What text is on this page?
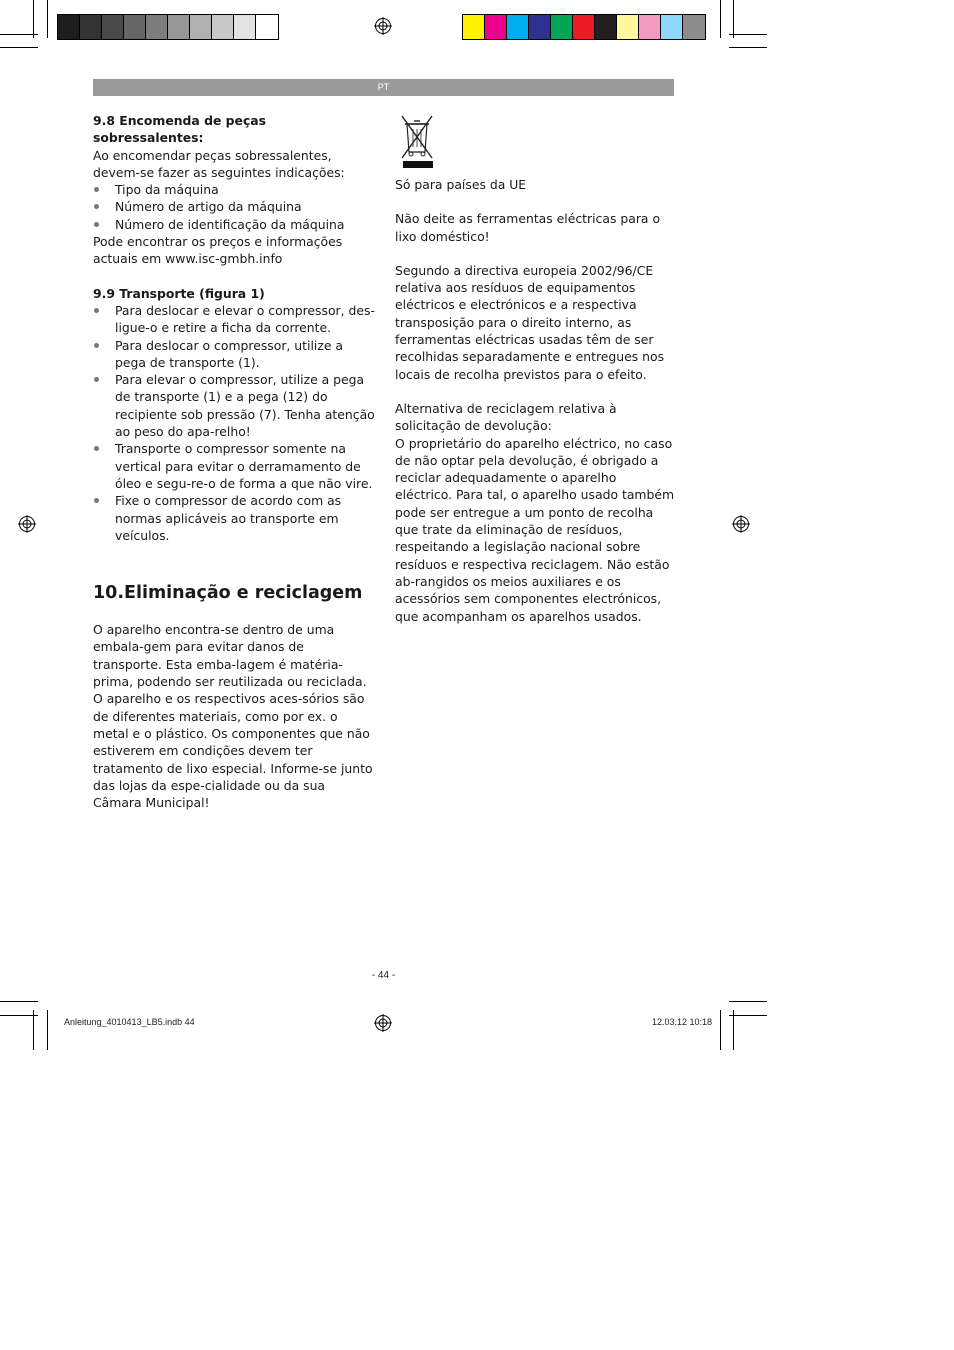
PT

9.8 Encomenda de peças sobressalentes:

Ao encomendar peças sobressalentes, devem-se fazer as seguintes indicações:

Tipo da máquina
Número de artigo da máquina
Número de identificação da máquina

Pode encontrar os preços e informações actuais em www.isc-gmbh.info

9.9 Transporte (figura 1)

Para deslocar e elevar o compressor, des-ligue-o e retire a ficha da corrente.
Para deslocar o compressor, utilize a pega de transporte (1).
Para elevar o compressor, utilize a pega de transporte (1) e a pega (12) do recipiente sob pressão (7). Tenha atenção ao peso do apa-relho!
Transporte o compressor somente na vertical para evitar o derramamento de óleo e segu-re-o de forma a que não vire.
Fixe o compressor de acordo com as normas aplicáveis ao transporte em veículos.

10.Eliminação e reciclagem

O aparelho encontra-se dentro de uma embala-gem para evitar danos de transporte. Esta emba-lagem é matéria-prima, podendo ser reutilizada ou reciclada. O aparelho e os respectivos aces-sórios são de diferentes materiais, como por ex. o metal e o plástico. Os componentes que não estiverem em condições devem ter tratamento de lixo especial. Informe-se junto das lojas da espe-cialidade ou da sua Câmara Municipal!

Só para países da UE

Não deite as ferramentas eléctricas para o lixo doméstico!

Segundo a directiva europeia 2002/96/CE relativa aos resíduos de equipamentos eléctricos e electrónicos e a respectiva transposição para o direito interno, as ferramentas eléctricas usadas têm de ser recolhidas separadamente e entregues nos locais de recolha previstos para o efeito.

Alternativa de reciclagem relativa à solicitação de devolução:

O proprietário do aparelho eléctrico, no caso de não optar pela devolução, é obrigado a reciclar adequadamente o aparelho eléctrico. Para tal, o aparelho usado também pode ser entregue a um ponto de recolha que trate da eliminação de resíduos, respeitando a legislação nacional sobre resíduos e respectiva reciclagem. Não estão ab-rangidos os meios auxiliares e os acessórios sem componentes electrónicos, que acompanham os aparelhos usados.

- 44 -
Anleitung_4010413_LB5.indb 44	12.03.12 10:18
